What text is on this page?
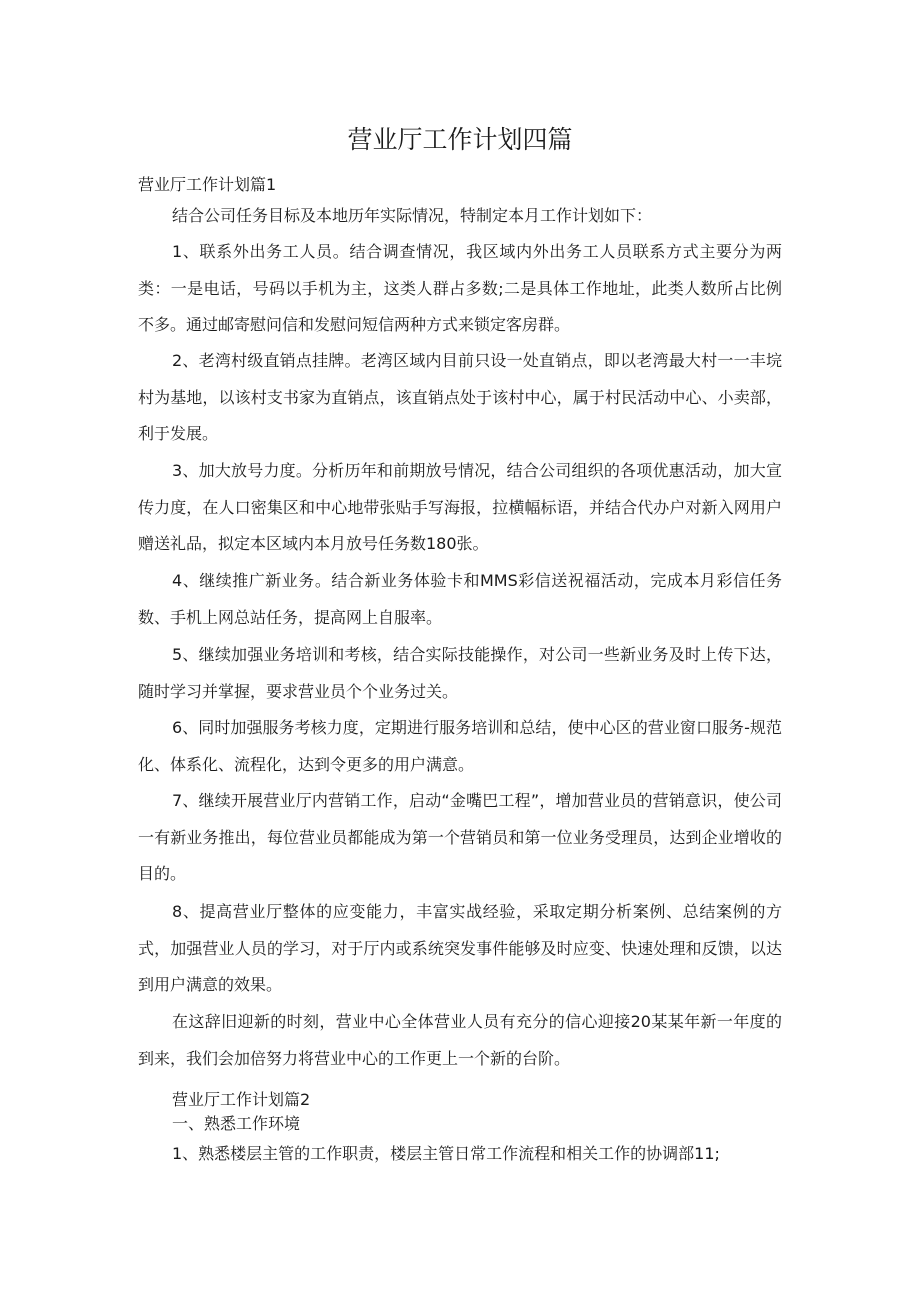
营业厅工作计划四篇
营业厅工作计划篇1

结合公司任务目标及本地历年实际情况，特制定本月工作计划如下：

1、联系外出务工人员。结合调查情况，我区域内外出务工人员联系方式主要分为两类：一是电话，号码以手机为主，这类人群占多数;二是具体工作地址，此类人数所占比例不多。通过邮寄慰问信和发慰问短信两种方式来锁定客房群。

2、老湾村级直销点挂牌。老湾区域内目前只设一处直销点，即以老湾最大村一一丰垸村为基地，以该村支书家为直销点，该直销点处于该村中心，属于村民活动中心、小卖部，利于发展。

3、加大放号力度。分析历年和前期放号情况，结合公司组织的各项优惠活动，加大宣传力度，在人口密集区和中心地带张贴手写海报，拉横幅标语，并结合代办户对新入网用户赠送礼品，拟定本区域内本月放号任务数180张。

4、继续推广新业务。结合新业务体验卡和MMS彩信送祝福活动，完成本月彩信任务数、手机上网总站任务，提高网上自服率。

5、继续加强业务培训和考核，结合实际技能操作，对公司一些新业务及时上传下达，随时学习并掌握，要求营业员个个业务过关。

6、同时加强服务考核力度，定期进行服务培训和总结，使中心区的营业窗口服务-规范化、体系化、流程化，达到令更多的用户满意。

7、继续开展营业厅内营销工作，启动“金嘴巴工程”，增加营业员的营销意识，使公司一有新业务推出，每位营业员都能成为第一个营销员和第一位业务受理员，达到企业增收的目的。

8、提高营业厅整体的应变能力，丰富实战经验，采取定期分析案例、总结案例的方式，加强营业人员的学习，对于厅内或系统突发事件能够及时应变、快速处理和反馈，以达到用户满意的效果。

在这辞旧迎新的时刻，营业中心全体营业人员有充分的信心迎接20某某年新一年度的到来，我们会加倍努力将营业中心的工作更上一个新的台阶。

营业厅工作计划篇2
一、熟悉工作环境

1、熟悉楼层主管的工作职责，楼层主管日常工作流程和相关工作的协调部11;
